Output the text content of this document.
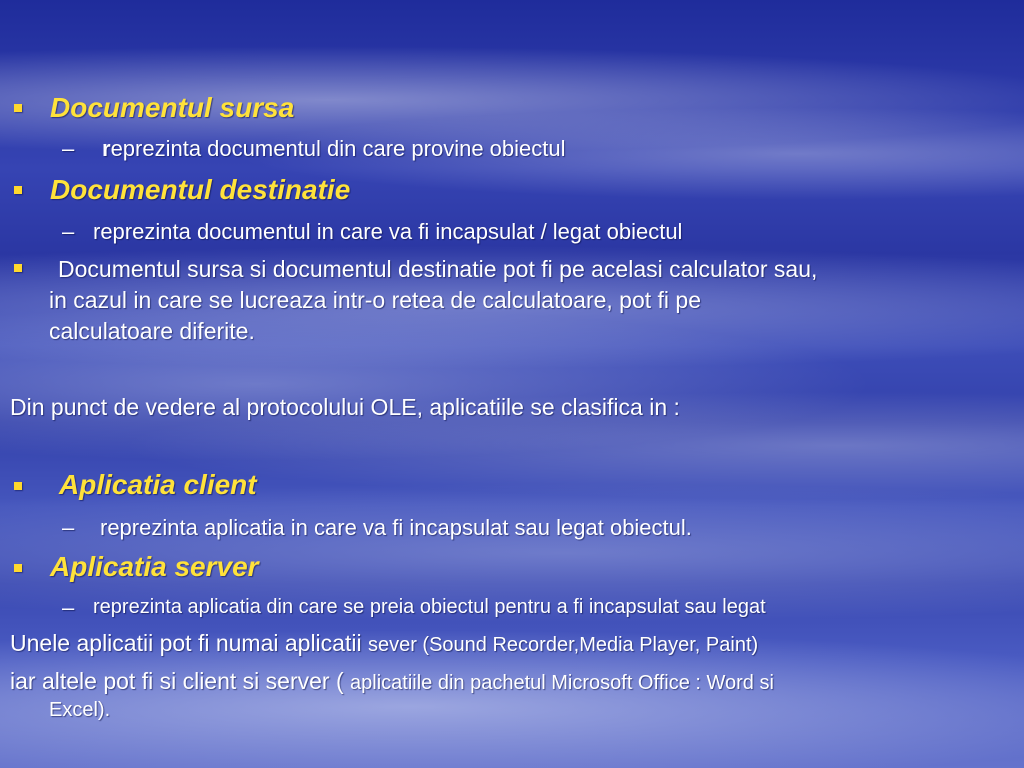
Documentul sursa
– reprezinta documentul din care provine obiectul
Documentul destinatie
– reprezinta documentul in care va fi incapsulat / legat obiectul
Documentul sursa si documentul destinatie pot fi pe acelasi calculator sau,
in cazul in care se lucreaza intr-o retea de calculatoare, pot fi pe
calculatoare diferite.
Din punct de vedere al protocolului OLE, aplicatiile se clasifica in :
Aplicatia client
– reprezinta aplicatia in care va fi incapsulat sau legat obiectul.
Aplicatia server
– reprezinta aplicatia din care se preia obiectul pentru a fi incapsulat sau legat
Unele aplicatii pot fi numai aplicatii sever (Sound Recorder,Media Player, Paint)
iar altele pot fi si client si server ( aplicatiile din pachetul Microsoft Office : Word si
Excel).
